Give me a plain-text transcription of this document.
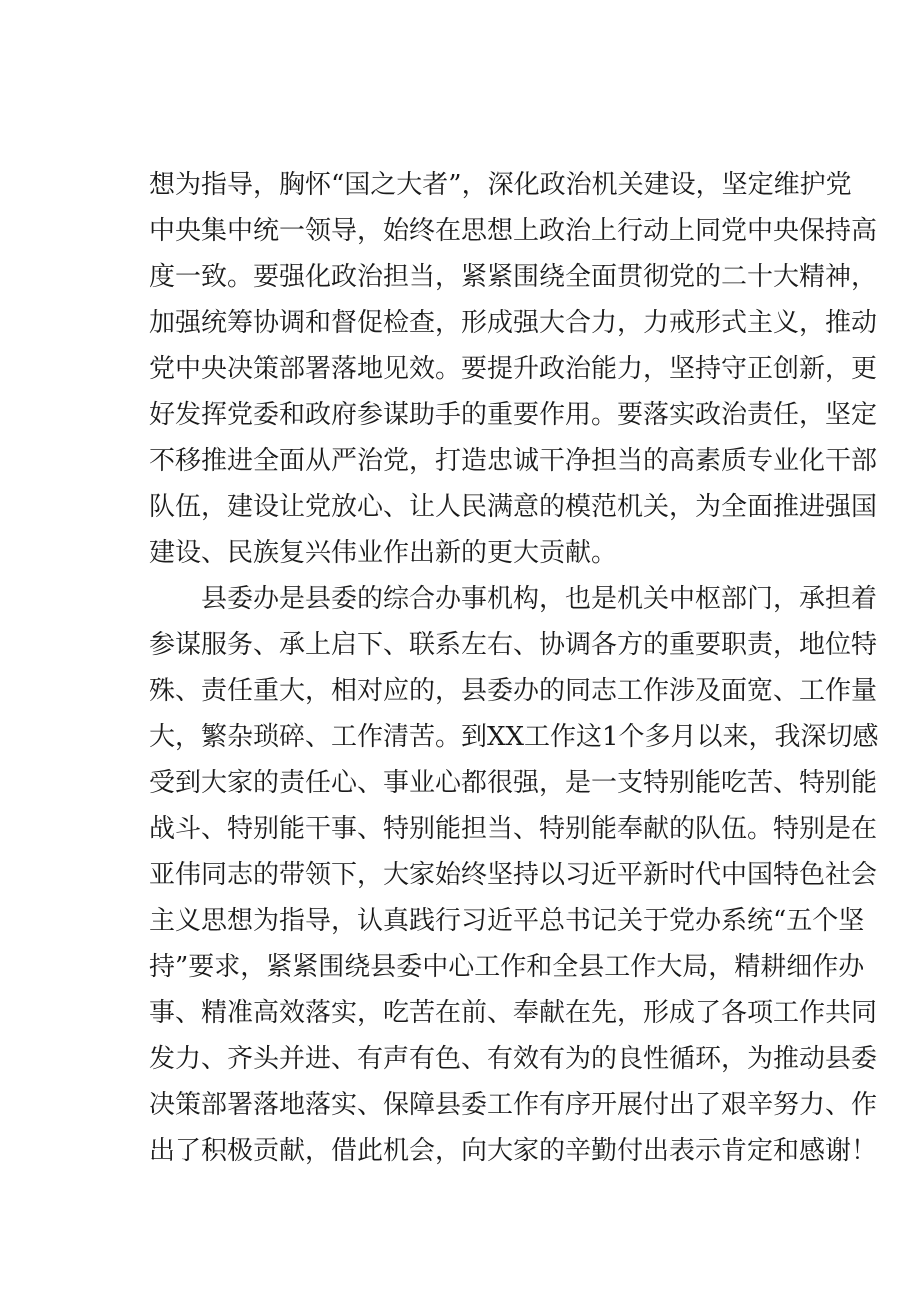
想为指导，胸怀“国之大者”，深化政治机关建设，坚定维护党
中央集中统一领导，始终在思想上政治上行动上同党中央保持高
度一致。要强化政治担当，紧紧围绕全面贯彻党的二十大精神，
加强统筹协调和督促检查，形成强大合力，力戒形式主义，推动
党中央决策部署落地见效。要提升政治能力，坚持守正创新，更
好发挥党委和政府参谋助手的重要作用。要落实政治责任，坚定
不移推进全面从严治党，打造忠诚干净担当的高素质专业化干部
队伍，建设让党放心、让人民满意的模范机关，为全面推进强国
建设、民族复兴伟业作出新的更大贡献。
县委办是县委的综合办事机构，也是机关中枢部门，承担着
参谋服务、承上启下、联系左右、协调各方的重要职责，地位特
殊、责任重大，相对应的，县委办的同志工作涉及面宽、工作量
大，繁杂琐碎、工作清苦。到XX工作这1个多月以来，我深切感
受到大家的责任心、事业心都很强，是一支特别能吃苦、特别能
战斗、特别能干事、特别能担当、特别能奉献的队伍。特别是在
亚伟同志的带领下，大家始终坚持以习近平新时代中国特色社会
主义思想为指导，认真践行习近平总书记关于党办系统“五个坚
持”要求，紧紧围绕县委中心工作和全县工作大局，精耕细作办
事、精准高效落实，吃苦在前、奉献在先，形成了各项工作共同
发力、齐头并进、有声有色、有效有为的良性循环，为推动县委
决策部署落地落实、保障县委工作有序开展付出了艰辛努力、作
出了积极贡献，借此机会，向大家的辛勤付出表示肯定和感谢！
